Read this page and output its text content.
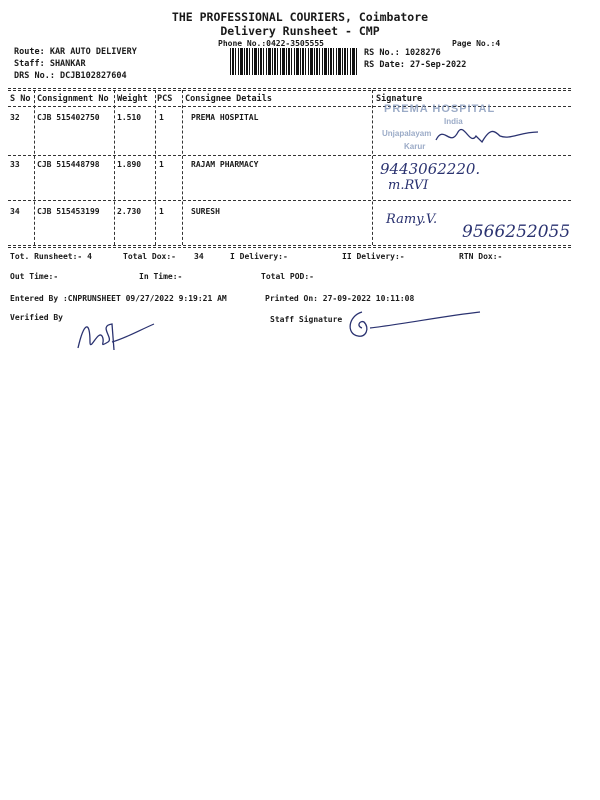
THE PROFESSIONAL COURIERS, Coimbatore
Delivery Runsheet - CMP
Phone No.:0422-3505555	Page No.:4
Route: KAR AUTO DELIVERY
Staff: SHANKAR
DRS No.: DCJB102827604
RS No.: 1028276
RS Date: 27-Sep-2022
S No Consignment No Weight PCS Consignee Details	Signature
32 CJB 515402750 1.510 1	PREMA HOSPITAL
PREMA HOSPITAL
India
Unjapalayam
Karur
33 CJB 515448798 1.890 1	RAJAM PHARMACY	9443062220.
m.RVI
34 CJB 515453199 2.730 1	SURESH
Ramy.V.
9566252055
Tot. Runsheet:- 4	Total Dox:- 34	I Delivery:-	II Delivery:-	RTN Dox:-
Out Time:-	In Time:-	Total POD:-
Entered By :CNPRUNSHEET 09/27/2022 9:19:21 AM	Printed On: 27-09-2022 10:11:08
Verified By	Staff Signature
